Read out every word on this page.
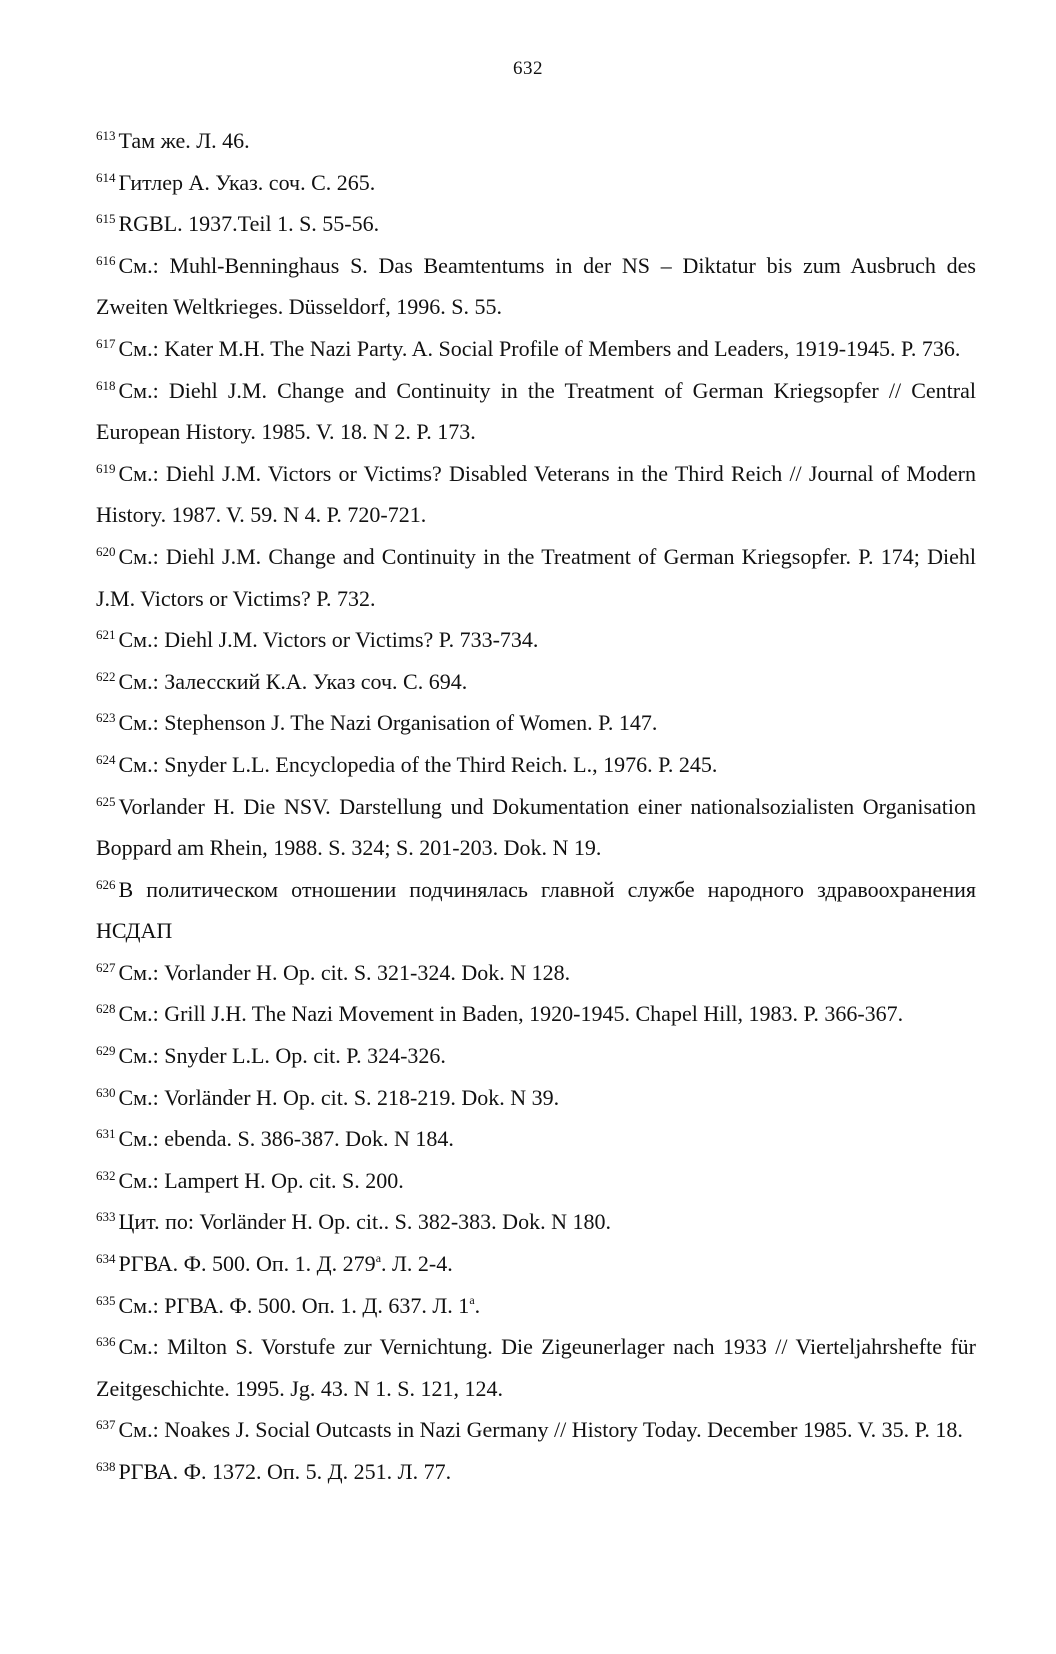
632

$^{613}$ Там же. Л. 46.

$^{614}$ Гитлер А. Указ. соч. С. 265.

$^{615}$ RGBL. 1937.Teil 1. S. 55-56.

$^{616}$ См.: Muhl-Benninghaus S. Das Beamtentums in der NS – Diktatur bis zum Ausbruch des Zweiten Weltkrieges. Düsseldorf, 1996. S. 55.

$^{617}$ См.: Kater M.H. The Nazi Party. A. Social Profile of Members and Leaders, 1919-1945. P. 736.

$^{618}$ См.: Diehl J.M. Change and Continuity in the Treatment of German Kriegsopfer // Central European History. 1985. V. 18. N 2. P. 173.

$^{619}$ См.: Diehl J.M. Victors or Victims? Disabled Veterans in the Third Reich // Journal of Modern History. 1987. V. 59. N 4. P. 720-721.

$^{620}$ См.: Diehl J.M. Change and Continuity in the Treatment of German Kriegsopfer. P. 174; Diehl J.M. Victors or Victims? P. 732.

$^{621}$ См.: Diehl J.M. Victors or Victims? P. 733-734.

$^{622}$ См.: Залесский К.А. Указ соч. С. 694.

$^{623}$ См.: Stephenson J. The Nazi Organisation of Women. P. 147.

$^{624}$ См.: Snyder L.L. Encyclopedia of the Third Reich. L., 1976. P. 245.

$^{625}$ Vorlander H. Die NSV. Darstellung und Dokumentation einer nationalsozialisten Organisation Boppard am Rhein, 1988. S. 324; S. 201-203. Dok. N 19.

$^{626}$ В политическом отношении подчинялась главной службе народного здравоохранения НСДАП

$^{627}$ См.: Vorlander H. Op. cit. S. 321-324. Dok. N 128.

$^{628}$ См.: Grill J.H. The Nazi Movement in Baden, 1920-1945. Chapel Hill, 1983. P. 366-367.

$^{629}$ См.: Snyder L.L. Op. cit. P. 324-326.

$^{630}$ См.: Vorländer H. Op. cit. S. 218-219. Dok. N 39.

$^{631}$ См.: ebenda. S. 386-387. Dok. N 184.

$^{632}$ См.: Lampert H. Op. cit. S. 200.

$^{633}$ Цит. по: Vorländer H. Op. cit.. S. 382-383. Dok. N 180.

$^{634}$ РГВА. Ф. 500. Оп. 1. Д. 279$^a$. Л. 2-4.

$^{635}$ См.: РГВА. Ф. 500. Оп. 1. Д. 637. Л. 1$^a$.

$^{636}$ См.: Milton S. Vorstufe zur Vernichtung. Die Zigeunerlager nach 1933 // Vierteljahrshefte für Zeitgeschichte. 1995. Jg. 43. N 1. S. 121, 124.

$^{637}$ См.: Noakes J. Social Outcasts in Nazi Germany // History Today. December 1985. V. 35. P. 18.

$^{638}$ РГВА. Ф. 1372. Оп. 5. Д. 251. Л. 77.
